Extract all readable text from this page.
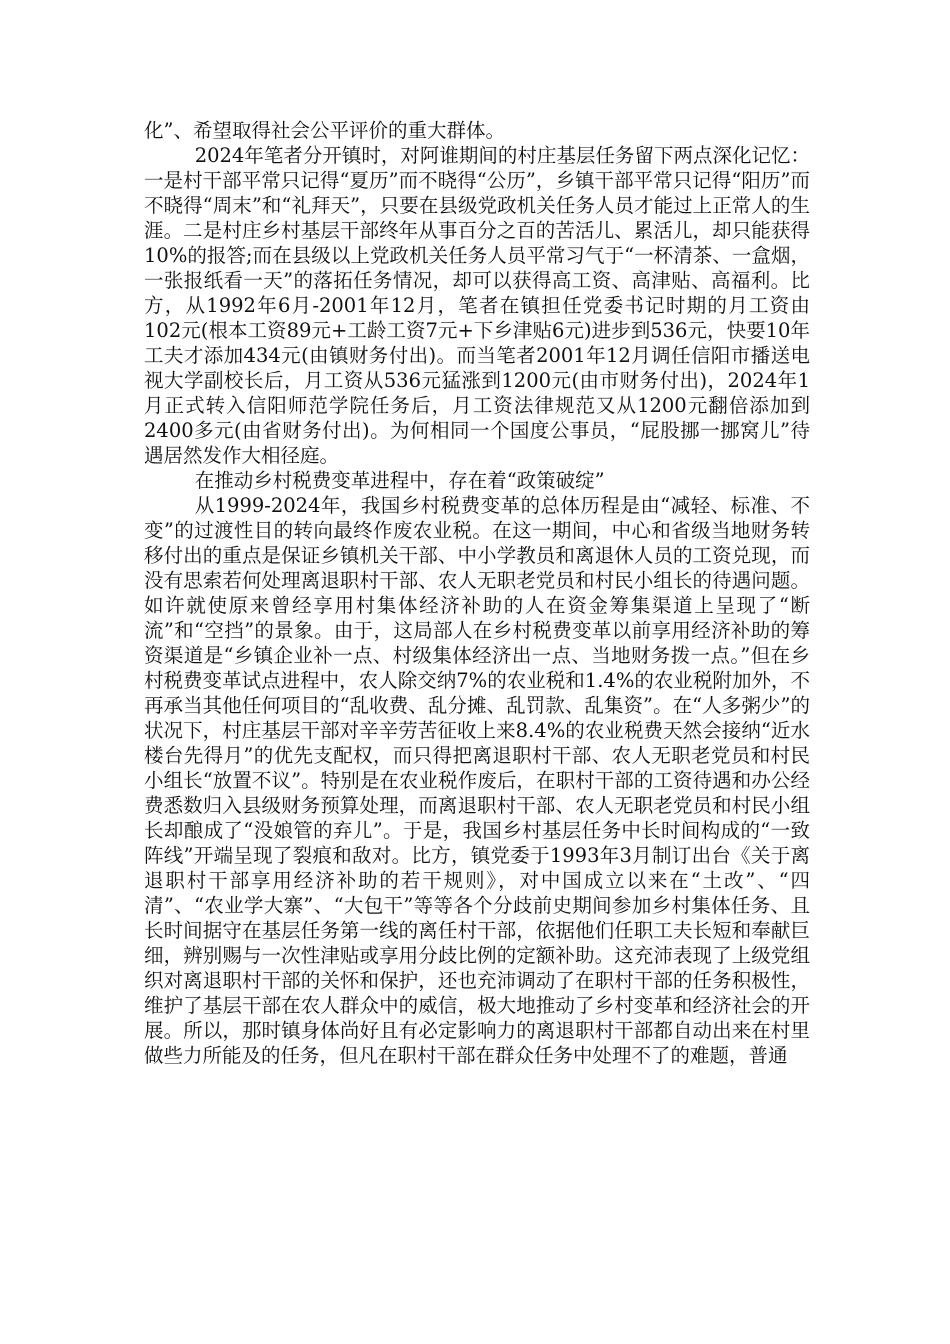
化”、希望取得社会公平评价的重大群体。

2024年笔者分开镇时，对阿谁期间的村庄基层任务留下两点深化记忆：一是村干部平常只记得“夏历”而不晓得“公历”，乡镇干部平常只记得“阳历”而不晓得“周末”和“礼拜天”，只要在县级党政机关任务人员才能过上正常人的生涯。二是村庄乡村基层干部终年从事百分之百的苦活儿、累活儿，却只能获得10%的报答;而在县级以上党政机关任务人员平常习气于“一杯清茶、一盒烟，一张报纸看一天”的落拓任务情况，却可以获得高工资、高津贴、高福利。比方，从1992年6月-2001年12月，笔者在镇担任党委书记时期的月工资由102元(根本工资89元+工龄工资7元+下乡津贴6元)进步到536元，快要10年工夫才添加434元(由镇财务付出)。而当笔者2001年12月调任信阳市播送电视大学副校长后，月工资从536元猛涨到1200元(由市财务付出)，2024年1月正式转入信阳师范学院任务后，月工资法律规范又从1200元翻倍添加到2400多元(由省财务付出)。为何相同一个国度公事员，“屁股挪一挪窝儿”待遇居然发作大相径庭。

在推动乡村税费变革进程中，存在着“政策破绽”

从1999-2024年，我国乡村税费变革的总体历程是由“减轻、标准、不变”的过渡性目的转向最终作废农业税。在这一期间，中心和省级当地财务转移付出的重点是保证乡镇机关干部、中小学教员和离退休人员的工资兑现，而没有思索若何处理离退职村干部、农人无职老党员和村民小组长的待遇问题。如许就使原来曾经享用村集体经济补助的人在资金筹集渠道上呈现了“断流”和“空挡”的景象。由于，这局部人在乡村税费变革以前享用经济补助的筹资渠道是“乡镇企业补一点、村级集体经济出一点、当地财务拨一点。”但在乡村税费变革试点进程中，农人除交纳7%的农业税和1.4%的农业税附加外，不再承当其他任何项目的“乱收费、乱分摊、乱罚款、乱集资”。在“人多粥少”的状况下，村庄基层干部对辛辛劳苦征收上来8.4%的农业税费天然会接纳“近水楼台先得月”的优先支配权，而只得把离退职村干部、农人无职老党员和村民小组长“放置不议”。特别是在农业税作废后，在职村干部的工资待遇和办公经费悉数归入县级财务预算处理，而离退职村干部、农人无职老党员和村民小组长却酿成了“没娘管的弃儿”。于是，我国乡村基层任务中长时间构成的“一致阵线”开端呈现了裂痕和敌对。比方，镇党委于1993年3月制订出台《关于离退职村干部享用经济补助的若干规则》，对中国成立以来在“土改”、“四清”、“农业学大寨”、“大包干”等等各个分歧前史期间参加乡村集体任务、且长时间据守在基层任务第一线的离任村干部，依据他们任职工夫长短和奉献巨细，辨别赐与一次性津贴或享用分歧比例的定额补助。这充沛表现了上级党组织对离退职村干部的关怀和保护，还也充沛调动了在职村干部的任务积极性，维护了基层干部在农人群众中的威信，极大地推动了乡村变革和经济社会的开展。所以，那时镇身体尚好且有必定影响力的离退职村干部都自动出来在村里做些力所能及的任务，但凡在职村干部在群众任务中处理不了的难题，普通
